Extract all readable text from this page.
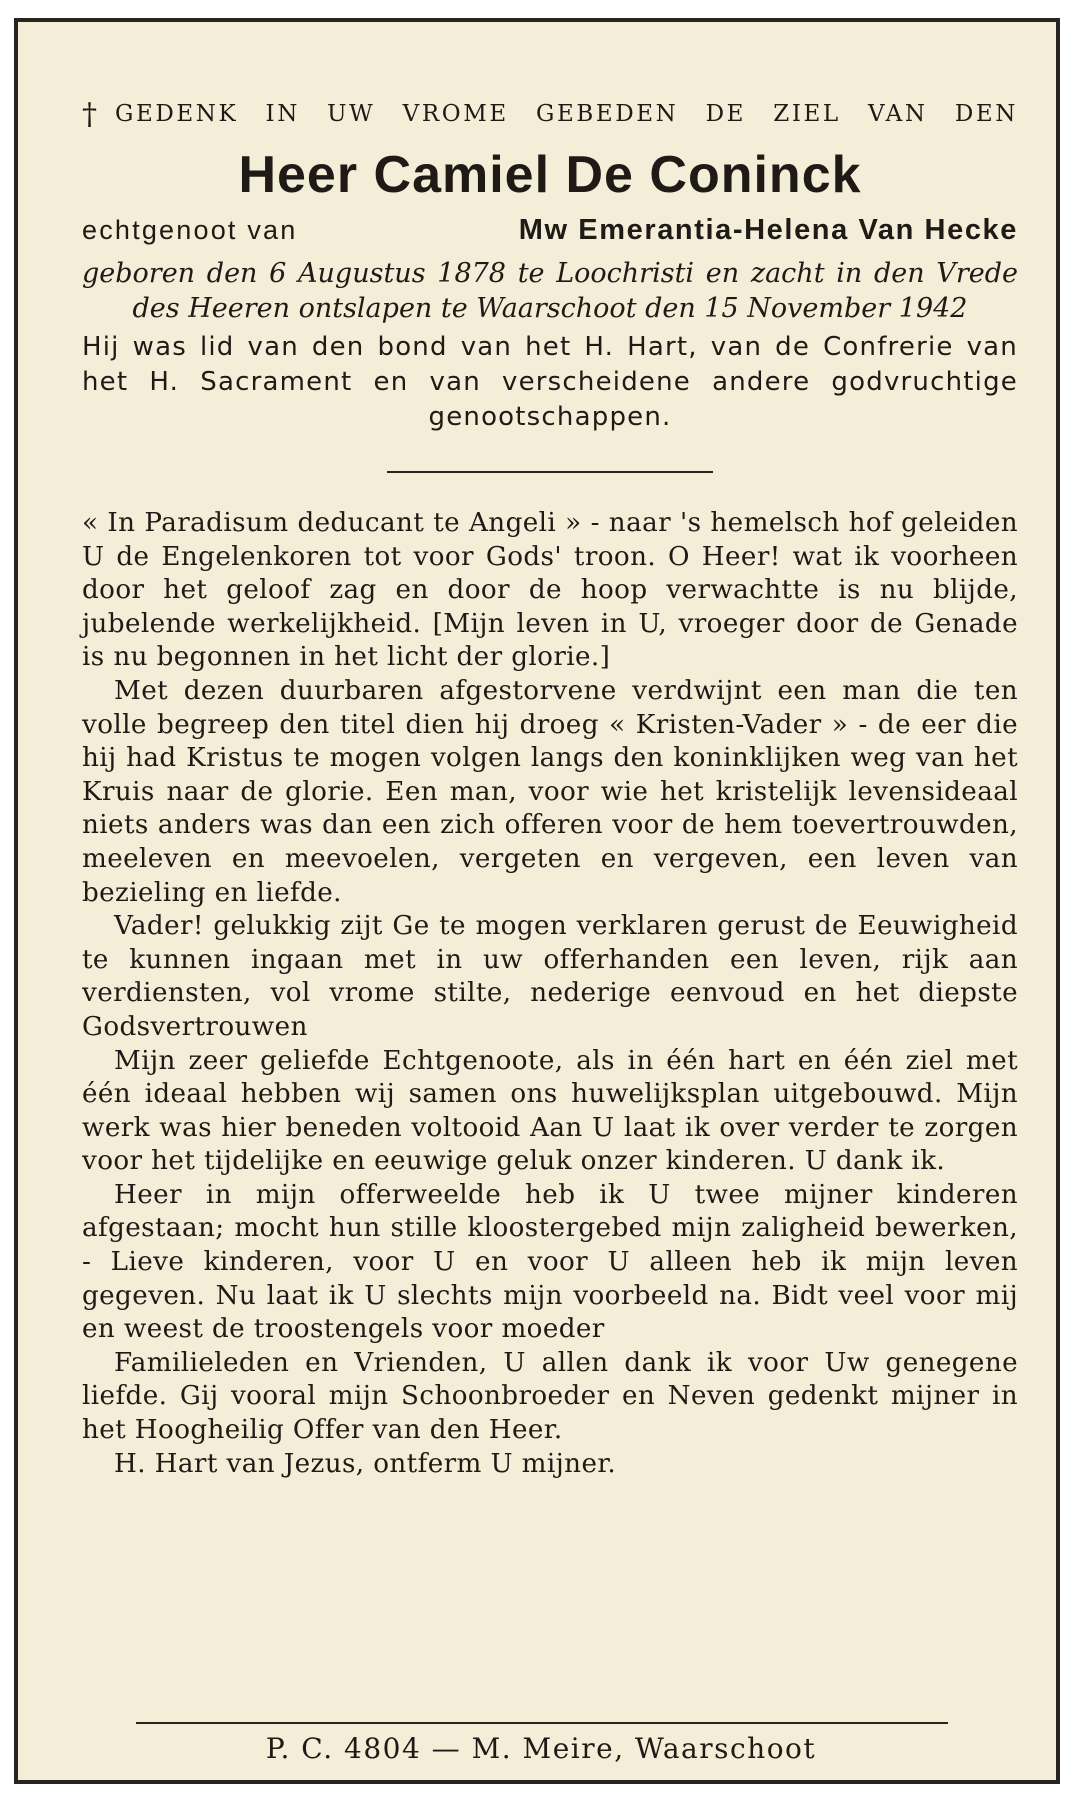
† GEDENK IN UW VROME GEBEDEN DE ZIEL VAN DEN
Heer Camiel De Coninck
echtgenoot van	Mw Emerantia-Helena Van Hecke
geboren den 6 Augustus 1878 te Loochristi en zacht in den Vrede des Heeren ontslapen te Waarschoot den 15 November 1942
Hij was lid van den bond van het H. Hart, van de Confrerie van het H. Sacrament en van verscheidene andere godvruchtige genootschappen.

« In Paradisum deducant te Angeli » - naar 's hemelsch hof geleiden U de Engelenkoren tot voor Gods' troon. O Heer! wat ik voorheen door het geloof zag en door de hoop verwachtte is nu blijde, jubelende werkelijkheid. [Mijn leven in U, vroeger door de Genade is nu begonnen in het licht der glorie.]

Met dezen duurbaren afgestorvene verdwijnt een man die ten volle begreep den titel dien hij droeg « Kristen-Vader » - de eer die hij had Kristus te mogen volgen langs den koninklijken weg van het Kruis naar de glorie. Een man, voor wie het kristelijk levensideaal niets anders was dan een zich offeren voor de hem toevertrouwden, meeleven en meevoelen, vergeten en vergeven, een leven van bezieling en liefde.

Vader! gelukkig zijt Ge te mogen verklaren gerust de Eeuwigheid te kunnen ingaan met in uw offerhanden een leven, rijk aan verdiensten, vol vrome stilte, nederige eenvoud en het diepste Godsvertrouwen

Mijn zeer geliefde Echtgenoote, als in één hart en één ziel met één ideaal hebben wij samen ons huwelijksplan uitgebouwd. Mijn werk was hier beneden voltooid Aan U laat ik over verder te zorgen voor het tijdelijke en eeuwige geluk onzer kinderen. U dank ik.

Heer in mijn offerweelde heb ik U twee mijner kinderen afgestaan; mocht hun stille kloostergebed mijn zaligheid bewerken, - Lieve kinderen, voor U en voor U alleen heb ik mijn leven gegeven. Nu laat ik U slechts mijn voorbeeld na. Bidt veel voor mij en weest de troostengels voor moeder

Familieleden en Vrienden, U allen dank ik voor Uw genegene liefde. Gij vooral mijn Schoonbroeder en Neven gedenkt mijner in het Hoogheilig Offer van den Heer.

H. Hart van Jezus, ontferm U mijner.

P. C. 4804 — M. Meire, Waarschoot
